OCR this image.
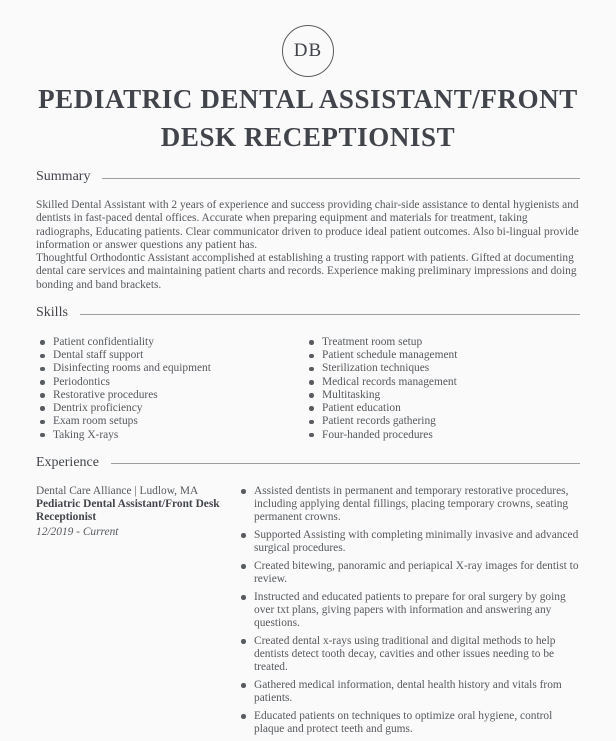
DB
PEDIATRIC DENTAL ASSISTANT/FRONT DESK RECEPTIONIST
Summary

Skilled Dental Assistant with 2 years of experience and success providing chair-side assistance to dental hygienists and dentists in fast-paced dental offices. Accurate when preparing equipment and materials for treatment, taking radiographs, Educating patients. Clear communicator driven to produce ideal patient outcomes. Also bi-lingual provide information or answer questions any patient has.

Thoughtful Orthodontic Assistant accomplished at establishing a trusting rapport with patients. Gifted at documenting dental care services and maintaining patient charts and records. Experience making preliminary impressions and doing bonding and band brackets.

Skills
Patient confidentiality
Dental staff support
Disinfecting rooms and equipment
Periodontics
Restorative procedures
Dentrix proficiency
Exam room setups
Taking X-rays
Treatment room setup
Patient schedule management
Sterilization techniques
Medical records management
Multitasking
Patient education
Patient records gathering
Four-handed procedures
Experience

Dental Care Alliance | Ludlow, MA

Pediatric Dental Assistant/Front Desk Receptionist
12/2019 - Current
Assisted dentists in permanent and temporary restorative procedures, including applying dental fillings, placing temporary crowns, seating permanent crowns.
Supported Assisting with completing minimally invasive and advanced surgical procedures.
Created bitewing, panoramic and periapical X-ray images for dentist to review.
Instructed and educated patients to prepare for oral surgery by going over txt plans, giving papers with information and answering any questions.
Created dental x-rays using traditional and digital methods to help dentists detect tooth decay, cavities and other issues needing to be treated.
Gathered medical information, dental health history and vitals from patients.
Educated patients on techniques to optimize oral hygiene, control plaque and protect teeth and gums.
